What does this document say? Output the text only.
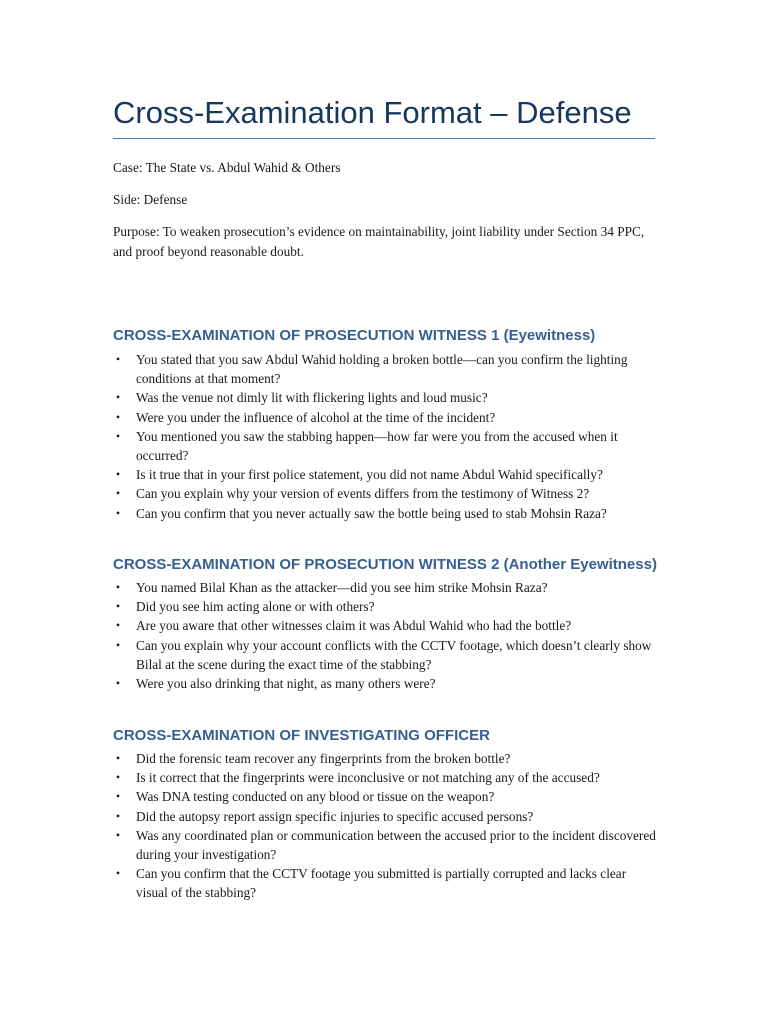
Cross-Examination Format – Defense

Case: The State vs. Abdul Wahid & Others

Side: Defense

Purpose: To weaken prosecution’s evidence on maintainability, joint liability under Section 34 PPC, and proof beyond reasonable doubt.

CROSS-EXAMINATION OF PROSECUTION WITNESS 1 (Eyewitness)
• You stated that you saw Abdul Wahid holding a broken bottle—can you confirm the lighting conditions at that moment?
• Was the venue not dimly lit with flickering lights and loud music?
• Were you under the influence of alcohol at the time of the incident?
• You mentioned you saw the stabbing happen—how far were you from the accused when it occurred?
• Is it true that in your first police statement, you did not name Abdul Wahid specifically?
• Can you explain why your version of events differs from the testimony of Witness 2?
• Can you confirm that you never actually saw the bottle being used to stab Mohsin Raza?
CROSS-EXAMINATION OF PROSECUTION WITNESS 2 (Another Eyewitness)
• You named Bilal Khan as the attacker—did you see him strike Mohsin Raza?
• Did you see him acting alone or with others?
• Are you aware that other witnesses claim it was Abdul Wahid who had the bottle?
• Can you explain why your account conflicts with the CCTV footage, which doesn’t clearly show Bilal at the scene during the exact time of the stabbing?
• Were you also drinking that night, as many others were?
CROSS-EXAMINATION OF INVESTIGATING OFFICER
• Did the forensic team recover any fingerprints from the broken bottle?
• Is it correct that the fingerprints were inconclusive or not matching any of the accused?
• Was DNA testing conducted on any blood or tissue on the weapon?
• Did the autopsy report assign specific injuries to specific accused persons?
• Was any coordinated plan or communication between the accused prior to the incident discovered during your investigation?
• Can you confirm that the CCTV footage you submitted is partially corrupted and lacks clear visual of the stabbing?
